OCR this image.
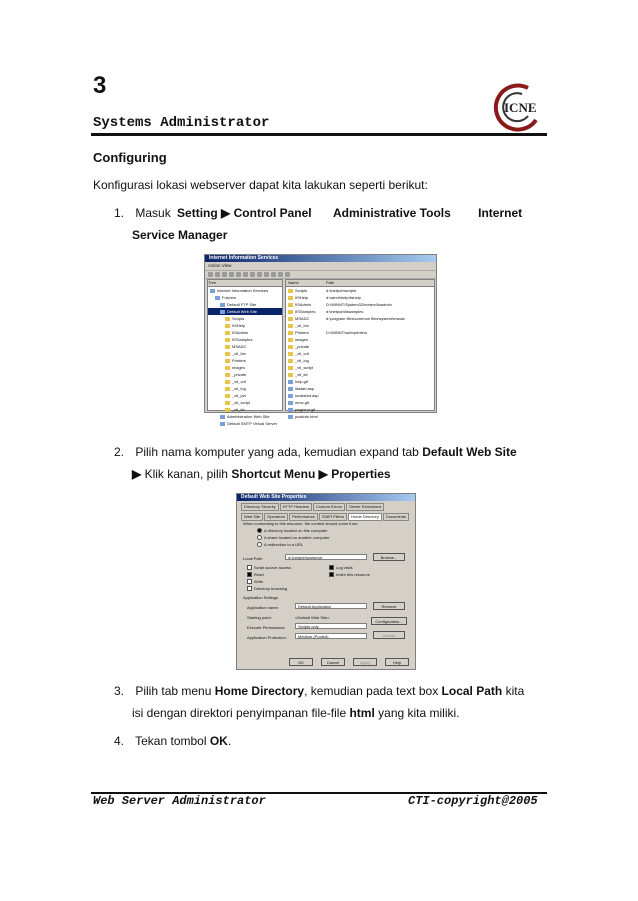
3
Systems Administrator
ICNE
Configuring
Konfigurasi lokasi webserver dapat kita lakukan seperti berikut:
1. Masuk Setting ▶ Control Panel Administrative Tools Internet
Service Manager
Internet Information Services
Action View
Tree
Internet Information Services
Fulcrew
Default FTP Site
Default Web Site
Scripts
IISHelp
IISAdmin
IISSamples
MSADC
_vti_bin
Printers
images
_private
_vti_cnf
_vti_log
_vti_pvt
_vti_script
_vti_txt
Administration Web Site
Default SMTP Virtual Server
Name	Path
Scripts	d:\inetpub\scripts
IISHelp	d:\winnt\help\iishelp
IISAdmin	D:\WINNT\System32\inetsrv\iisadmin
IISSamples	d:\inetpub\iissamples
MSADC	d:\program files\common files\system\msadc
_vti_bin
Printers	D:\WINNT\web\printers
images
_private
_vti_cnf
_vti_log
_vti_script
_vti_txt
help.gif
iisstart.asp
localstart.asp
mmc.gif
pagerror.gif
postinfo.html
2. Pilih nama komputer yang ada, kemudian expand tab Default Web Site
▶ Klik kanan, pilih Shortcut Menu ▶ Properties
Default Web Site Properties
Directory Security	HTTP Headers	Custom Errors	Server Extensions
Web Site	Operators	Performance	ISAPI Filters	Home Directory	Documents
When connecting to this resource, the content should come from:
A directory located on this computer
A share located on another computer
A redirection to a URL
Local Path:	d:\inetpub\wwwroot	Browse...
Script source access
Read
Write
Directory browsing
Log visits
Index this resource
Application Settings
Application name:	Default Application	Remove
Starting point:	<Default Web Site>
Configuration...
Execute Permissions:	Scripts only
Unload
Application Protection:	Medium (Pooled)
OK	Cancel	Apply	Help
3. Pilih tab menu Home Directory, kemudian pada text box Local Path kita
isi dengan direktori penyimpanan file-file html yang kita miliki.
4. Tekan tombol OK.
Web Server Administrator	CTI-copyright@2005
